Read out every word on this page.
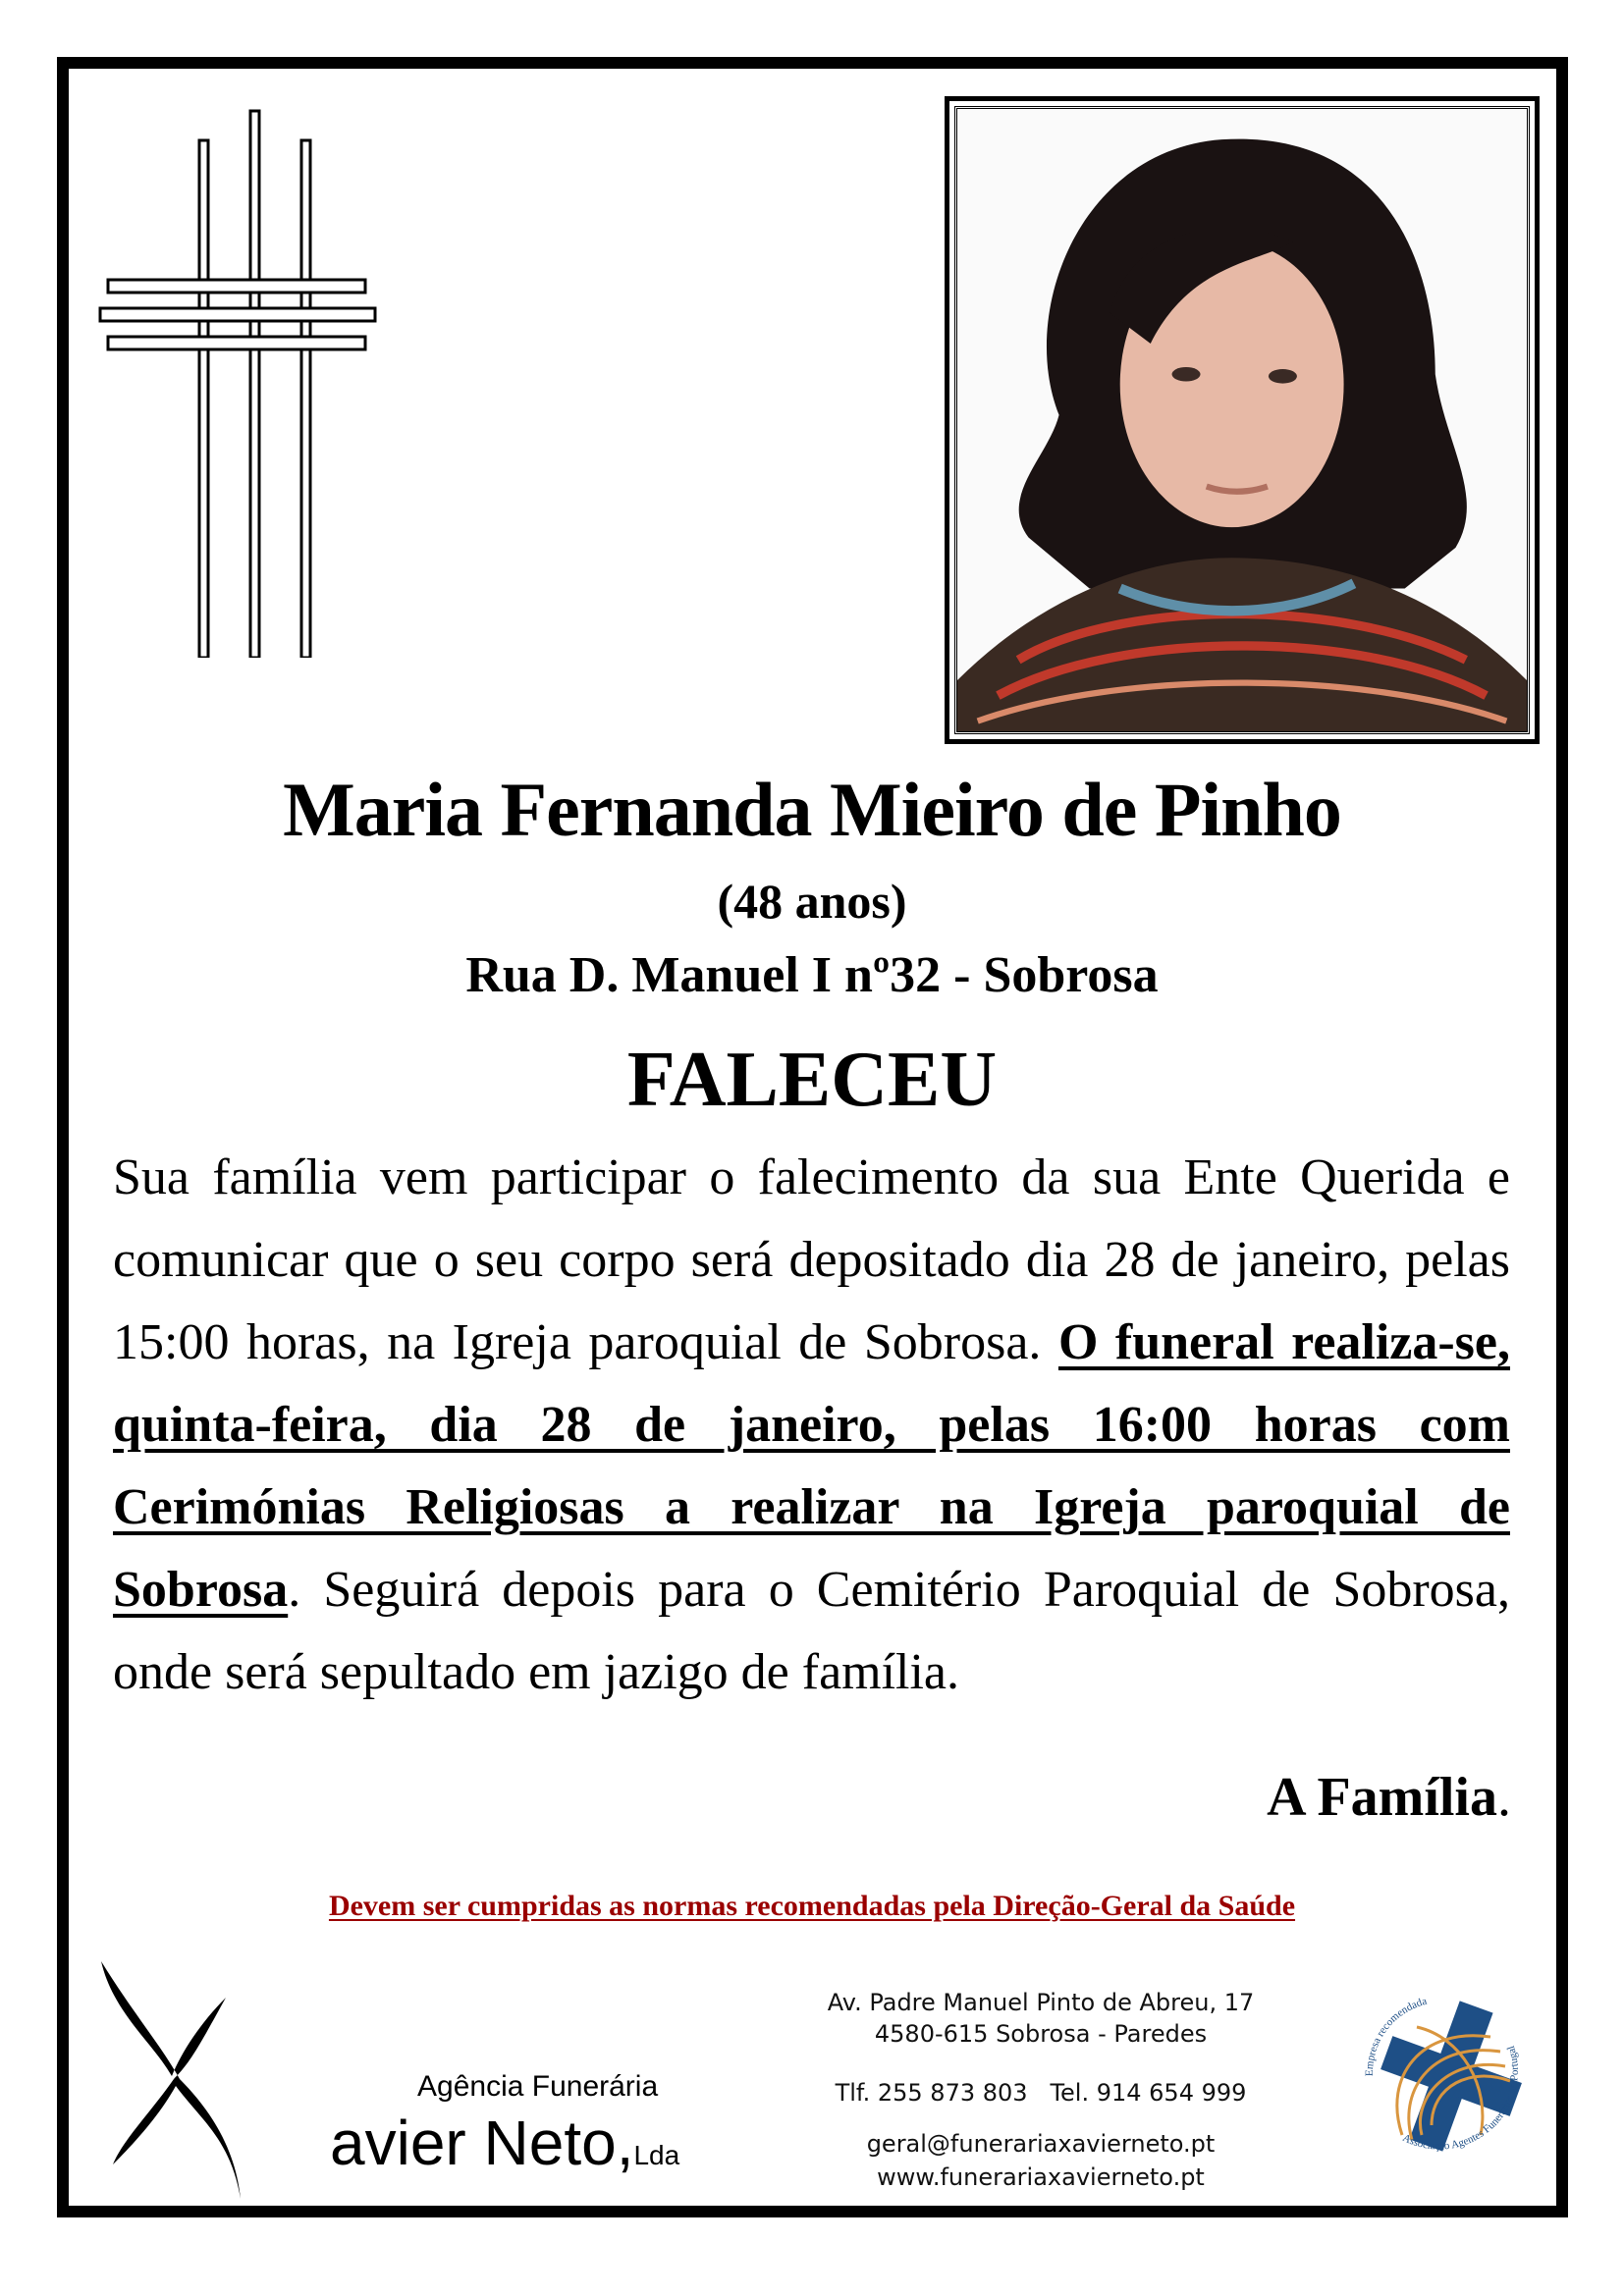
Maria Fernanda Mieiro de Pinho
(48 anos)
Rua D. Manuel I nº32 - Sobrosa
FALECEU
Sua família vem participar o falecimento da sua Ente Querida e comunicar que o seu corpo será depositado dia 28 de janeiro, pelas 15:00 horas, na Igreja paroquial de Sobrosa. O funeral realiza-se, quinta-feira, dia 28 de janeiro, pelas 16:00 horas com Cerimónias Religiosas a realizar na Igreja paroquial de Sobrosa. Seguirá depois para o Cemitério Paroquial de Sobrosa, onde será sepultado em jazigo de família.
A Família.
Devem ser cumpridas as normas recomendadas pela Direção-Geral da Saúde
Agência Funerária
avier Neto,Lda
Av. Padre Manuel Pinto de Abreu, 17
4580-615 Sobrosa - Paredes
Tlf. 255 873 803   Tel. 914 654 999
geral@funerariaxavierneto.pt
www.funerariaxavierneto.pt
Empresa recomendada
Associação Agentes Funerários de Portugal
